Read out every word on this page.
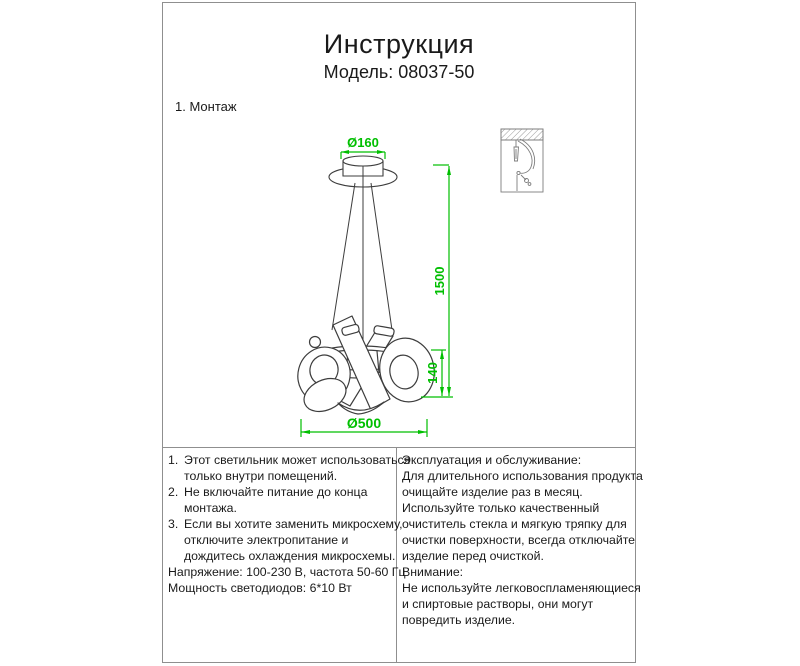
Инструкция
Модель: 08037-50
1. Монтаж
Ø160
1500
140
Ø500
1. Этот светильник может использоваться
только внутри помещений.
2. Не включайте питание до конца
монтажа.
3. Если вы хотите заменить микросхему,
отключите электропитание и
дождитесь охлаждения микросхемы.
Напряжение: 100-230 В, частота 50-60 Гц
Мощность светодиодов: 6*10 Вт
Эксплуатация и обслуживание:
Для длительного использования продукта
очищайте изделие раз в месяц.
Используйте только качественный
очиститель стекла и мягкую тряпку для
очистки поверхности, всегда отключайте
изделие перед очисткой.
Внимание:
Не используйте легковоспламеняющиеся
и спиртовые растворы, они могут
повредить изделие.
